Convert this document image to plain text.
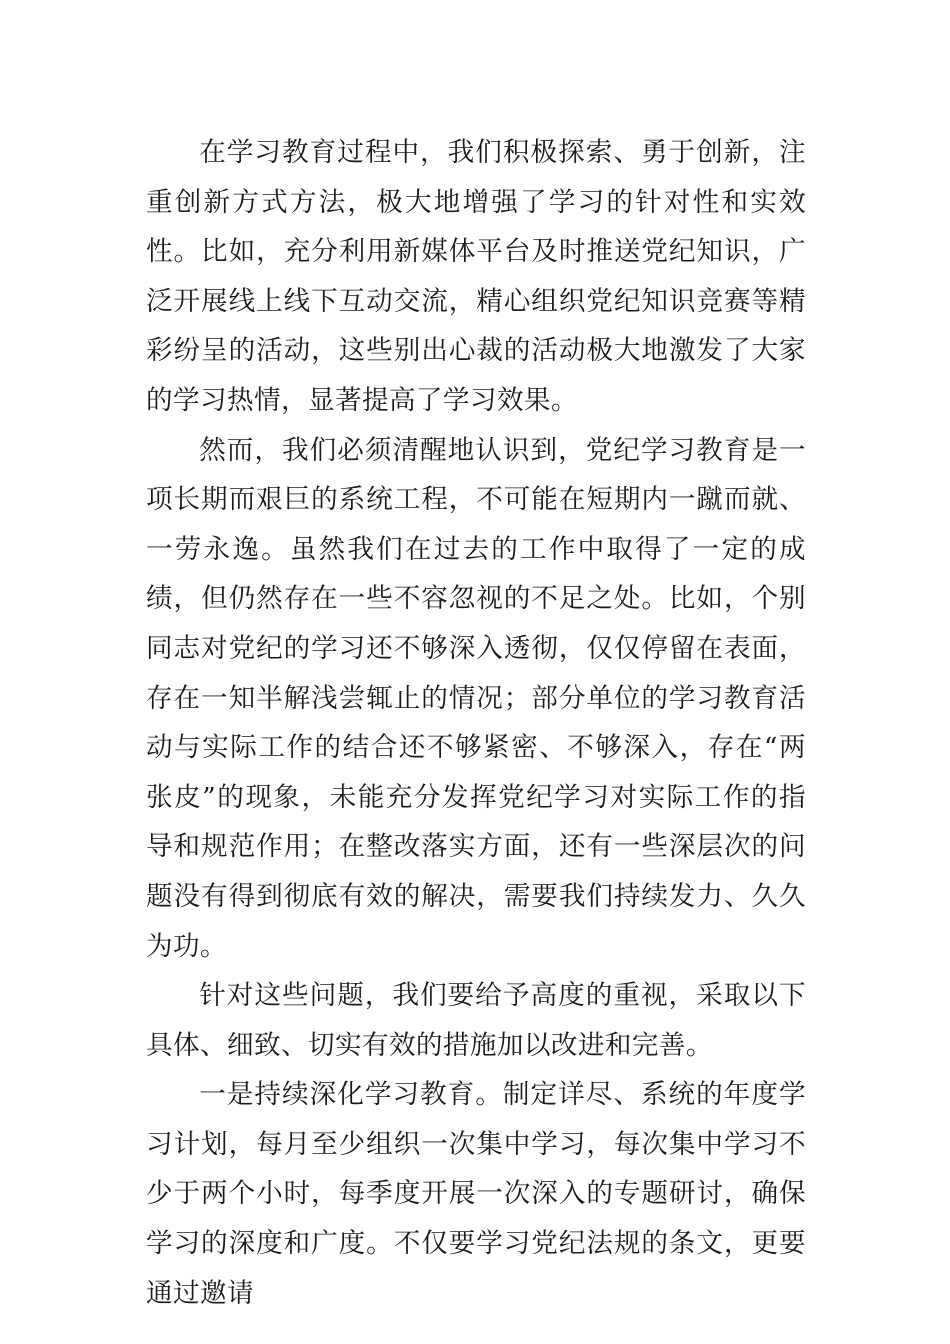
在学习教育过程中，我们积极探索、勇于创新，注重创新方式方法，极大地增强了学习的针对性和实效性。比如，充分利用新媒体平台及时推送党纪知识，广泛开展线上线下互动交流，精心组织党纪知识竞赛等精彩纷呈的活动，这些别出心裁的活动极大地激发了大家的学习热情，显著提高了学习效果。

然而，我们必须清醒地认识到，党纪学习教育是一项长期而艰巨的系统工程，不可能在短期内一蹴而就、一劳永逸。虽然我们在过去的工作中取得了一定的成绩，但仍然存在一些不容忽视的不足之处。比如，个别同志对党纪的学习还不够深入透彻，仅仅停留在表面，存在一知半解浅尝辄止的情况；部分单位的学习教育活动与实际工作的结合还不够紧密、不够深入，存在“两张皮”的现象，未能充分发挥党纪学习对实际工作的指导和规范作用；在整改落实方面，还有一些深层次的问题没有得到彻底有效的解决，需要我们持续发力、久久为功。

针对这些问题，我们要给予高度的重视，采取以下具体、细致、切实有效的措施加以改进和完善。

一是持续深化学习教育。制定详尽、系统的年度学习计划，每月至少组织一次集中学习，每次集中学习不少于两个小时，每季度开展一次深入的专题研讨，确保学习的深度和广度。不仅要学习党纪法规的条文，更要通过邀请
